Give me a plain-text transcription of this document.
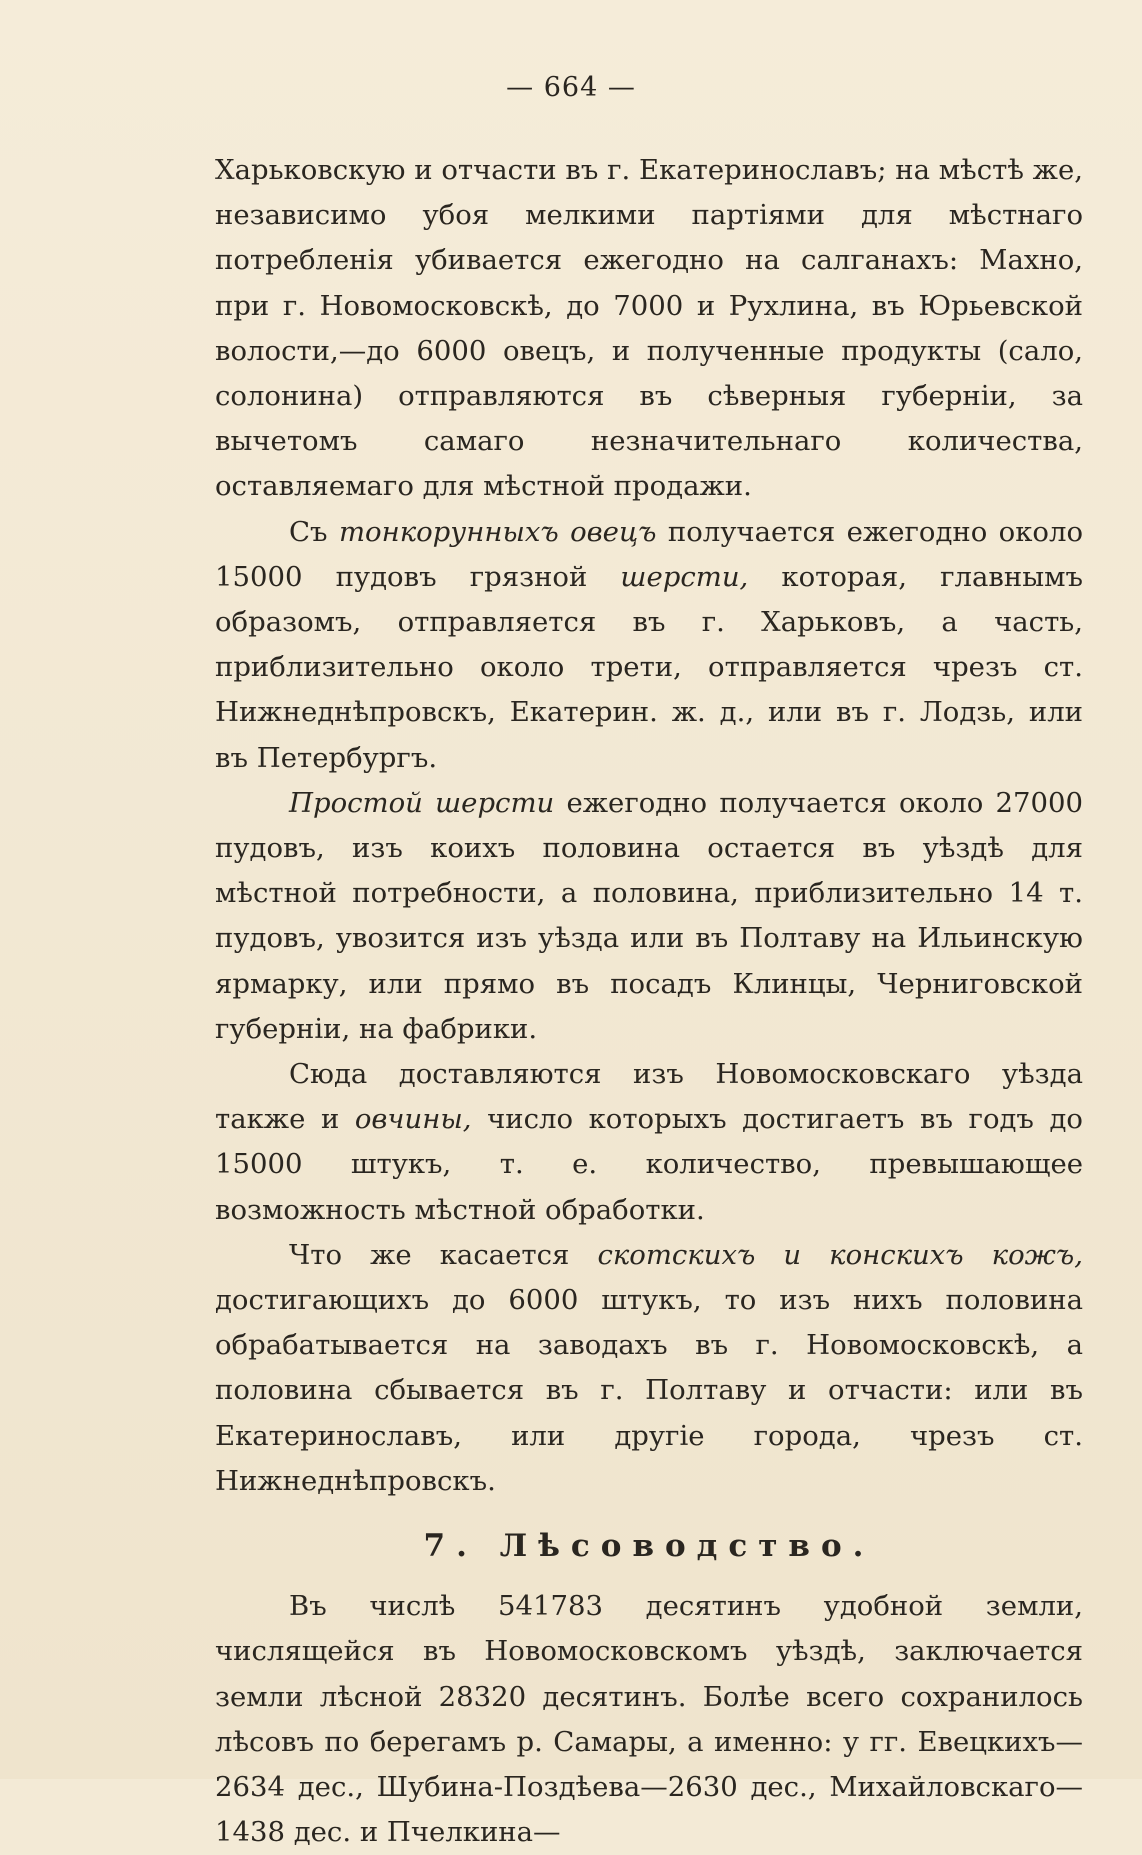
— 664 —

Харьковскую и отчасти въ г. Екатеринославъ; на мѣстѣ же, независимо убоя мелкими партіями для мѣстнаго потребленія убивается ежегодно на салганахъ: Махно, при г. Новомосковскѣ, до 7000 и Рухлина, въ Юрьевской волости,—до 6000 овецъ, и полученные продукты (сало, солонина) отправляются въ сѣверныя губерніи, за вычетомъ самаго незначительнаго количества, оставляемаго для мѣстной продажи.

Съ тонкорунныхъ овецъ получается ежегодно около 15000 пудовъ грязной шерсти, которая, главнымъ образомъ, отправляется въ г. Харьковъ, а часть, приблизительно около трети, отправляется чрезъ ст. Нижнеднѣпровскъ, Екатерин. ж. д., или въ г. Лодзь, или въ Петербургъ.

Простой шерсти ежегодно получается около 27000 пудовъ, изъ коихъ половина остается въ уѣздѣ для мѣстной потребности, а половина, приблизительно 14 т. пудовъ, увозится изъ уѣзда или въ Полтаву на Ильинскую ярмарку, или прямо въ посадъ Клинцы, Черниговской губерніи, на фабрики.

Сюда доставляются изъ Новомосковскаго уѣзда также и овчины, число которыхъ достигаетъ въ годъ до 15000 штукъ, т. е. количество, превышающее возможность мѣстной обработки.

Что же касается скотскихъ и конскихъ кожъ, достигающихъ до 6000 штукъ, то изъ нихъ половина обрабатывается на заводахъ въ г. Новомосковскѣ, а половина сбывается въ г. Полтаву и отчасти: или въ Екатеринославъ, или другіе города, чрезъ ст. Нижнеднѣпровскъ.

7. Лѣсоводство.

Въ числѣ 541783 десятинъ удобной земли, числящейся въ Новомосковскомъ уѣздѣ, заключается земли лѣсной 28320 десятинъ. Болѣе всего сохранилось лѣсовъ по берегамъ р. Самары, а именно: у гг. Евецкихъ—2634 дес., Шубина-Поздѣева—2630 дес., Михайловскаго—1438 дес. и Пчелкина—
